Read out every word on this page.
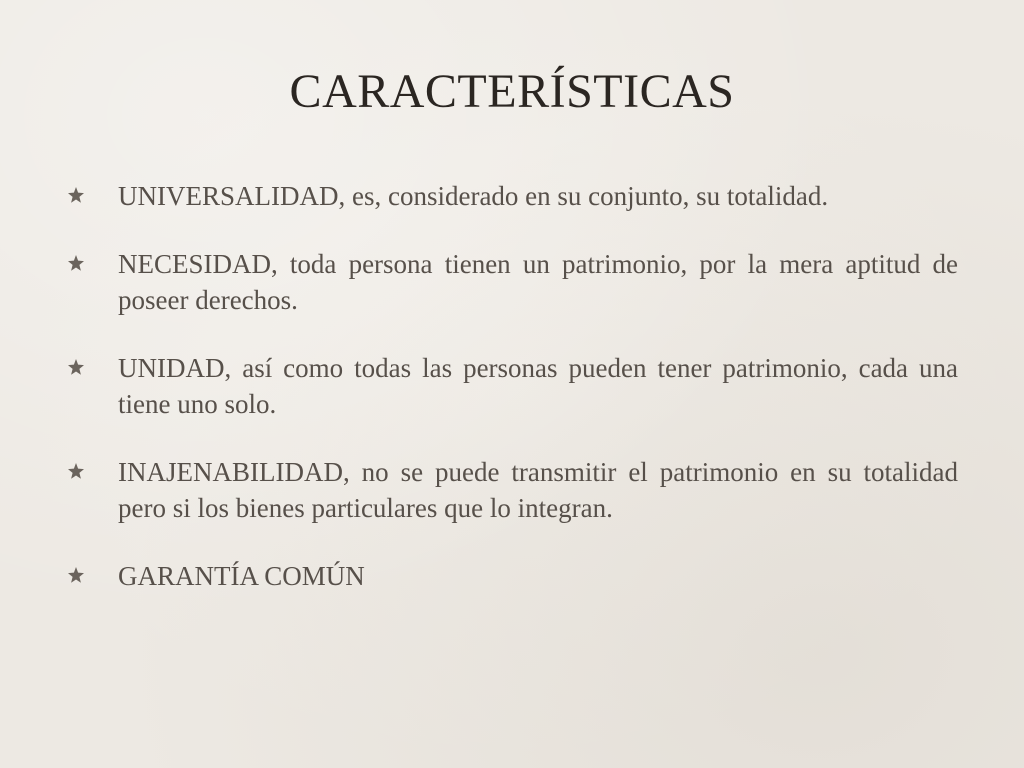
CARACTERÍSTICAS
UNIVERSALIDAD, es, considerado en su conjunto, su totalidad.
NECESIDAD, toda persona tienen un patrimonio, por la mera aptitud de poseer derechos.
UNIDAD, así como todas las personas pueden tener patrimonio, cada una tiene uno solo.
INAJENABILIDAD, no se puede transmitir el patrimonio en su totalidad pero si los bienes particulares que lo integran.
GARANTÍA COMÚN
